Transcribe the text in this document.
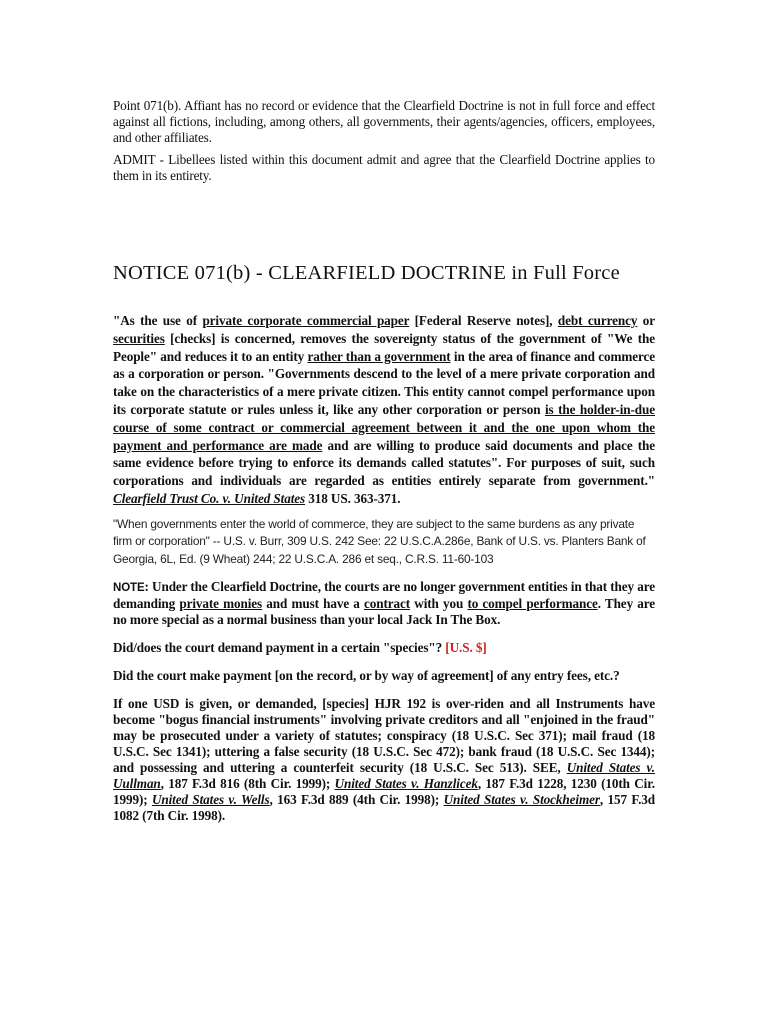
Point 071(b). Affiant has no record or evidence that the Clearfield Doctrine is not in full force and effect against all fictions, including, among others, all governments, their agents/agencies, officers, employees, and other affiliates.

ADMIT - Libellees listed within this document admit and agree that the Clearfield Doctrine applies to them in its entirety.

NOTICE 071(b) - CLEARFIELD DOCTRINE in Full Force

"As the use of private corporate commercial paper [Federal Reserve notes], debt currency or securities [checks] is concerned, removes the sovereignty status of the government of "We the People" and reduces it to an entity rather than a government in the area of finance and commerce as a corporation or person. "Governments descend to the level of a mere private corporation and take on the characteristics of a mere private citizen. This entity cannot compel performance upon its corporate statute or rules unless it, like any other corporation or person is the holder-in-due course of some contract or commercial agreement between it and the one upon whom the payment and performance are made and are willing to produce said documents and place the same evidence before trying to enforce its demands called statutes". For purposes of suit, such corporations and individuals are regarded as entities entirely separate from government." Clearfield Trust Co. v. United States 318 US. 363-371.

"When governments enter the world of commerce, they are subject to the same burdens as any private firm or corporation" -- U.S. v. Burr, 309 U.S. 242 See: 22 U.S.C.A.286e, Bank of U.S. vs. Planters Bank of Georgia, 6L, Ed. (9 Wheat) 244; 22 U.S.C.A. 286 et seq., C.R.S. 11-60-103

NOTE: Under the Clearfield Doctrine, the courts are no longer government entities in that they are demanding private monies and must have a contract with you to compel performance. They are no more special as a normal business than your local Jack In The Box.

Did/does the court demand payment in a certain "species"? [U.S. $]

Did the court make payment [on the record, or by way of agreement] of any entry fees, etc.?

If one USD is given, or demanded, [species] HJR 192 is over-riden and all Instruments have become "bogus financial instruments" involving private creditors and all "enjoined in the fraud" may be prosecuted under a variety of statutes; conspiracy (18 U.S.C. Sec 371); mail fraud (18 U.S.C. Sec 1341); uttering a false security (18 U.S.C. Sec 472); bank fraud (18 U.S.C. Sec 1344); and possessing and uttering a counterfeit security (18 U.S.C. Sec 513). SEE, United States v. Uullman, 187 F.3d 816 (8th Cir. 1999); United States v. Hanzlicek, 187 F.3d 1228, 1230 (10th Cir. 1999); United States v. Wells, 163 F.3d 889 (4th Cir. 1998); United States v. Stockheimer, 157 F.3d 1082 (7th Cir. 1998).
